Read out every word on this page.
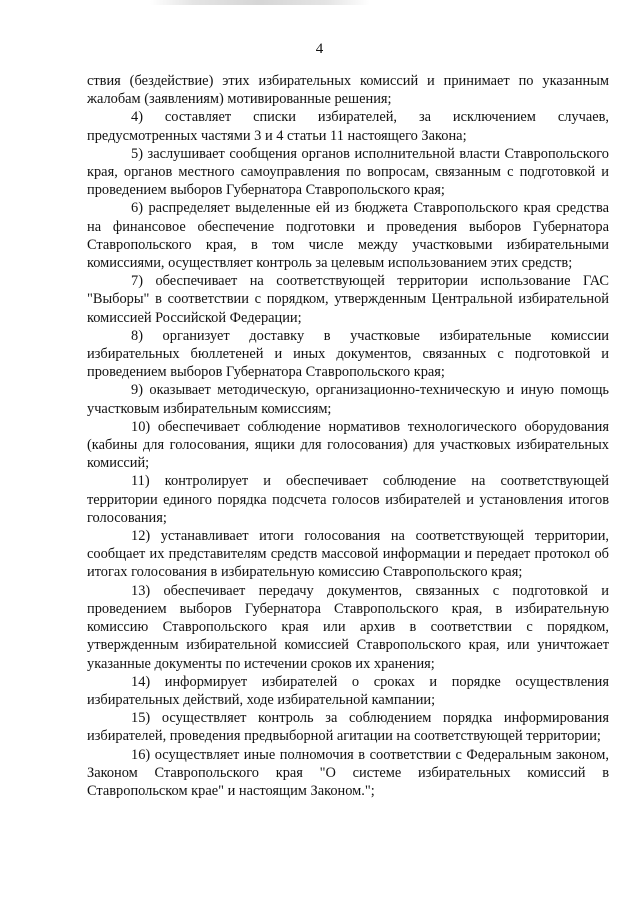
4

ствия (бездействие) этих избирательных комиссий и принимает по указанным жалобам (заявлениям) мотивированные решения;

4) составляет списки избирателей, за исключением случаев, предусмотренных частями 3 и 4 статьи 11 настоящего Закона;

5) заслушивает сообщения органов исполнительной власти Ставропольского края, органов местного самоуправления по вопросам, связанным с подготовкой и проведением выборов Губернатора Ставропольского края;

6) распределяет выделенные ей из бюджета Ставропольского края средства на финансовое обеспечение подготовки и проведения выборов Губернатора Ставропольского края, в том числе между участковыми избирательными комиссиями, осуществляет контроль за целевым использованием этих средств;

7) обеспечивает на соответствующей территории использование ГАС "Выборы" в соответствии с порядком, утвержденным Центральной избирательной комиссией Российской Федерации;

8) организует доставку в участковые избирательные комиссии избирательных бюллетеней и иных документов, связанных с подготовкой и проведением выборов Губернатора Ставропольского края;

9) оказывает методическую, организационно-техническую и иную помощь участковым избирательным комиссиям;

10) обеспечивает соблюдение нормативов технологического оборудования (кабины для голосования, ящики для голосования) для участковых избирательных комиссий;

11) контролирует и обеспечивает соблюдение на соответствующей территории единого порядка подсчета голосов избирателей и установления итогов голосования;

12) устанавливает итоги голосования на соответствующей территории, сообщает их представителям средств массовой информации и передает протокол об итогах голосования в избирательную комиссию Ставропольского края;

13) обеспечивает передачу документов, связанных с подготовкой и проведением выборов Губернатора Ставропольского края, в избирательную комиссию Ставропольского края или архив в соответствии с порядком, утвержденным избирательной комиссией Ставропольского края, или уничтожает указанные документы по истечении сроков их хранения;

14) информирует избирателей о сроках и порядке осуществления избирательных действий, ходе избирательной кампании;

15) осуществляет контроль за соблюдением порядка информирования избирателей, проведения предвыборной агитации на соответствующей территории;

16) осуществляет иные полномочия в соответствии с Федеральным законом, Законом Ставропольского края "О системе избирательных комиссий в Ставропольском крае" и настоящим Законом.";
